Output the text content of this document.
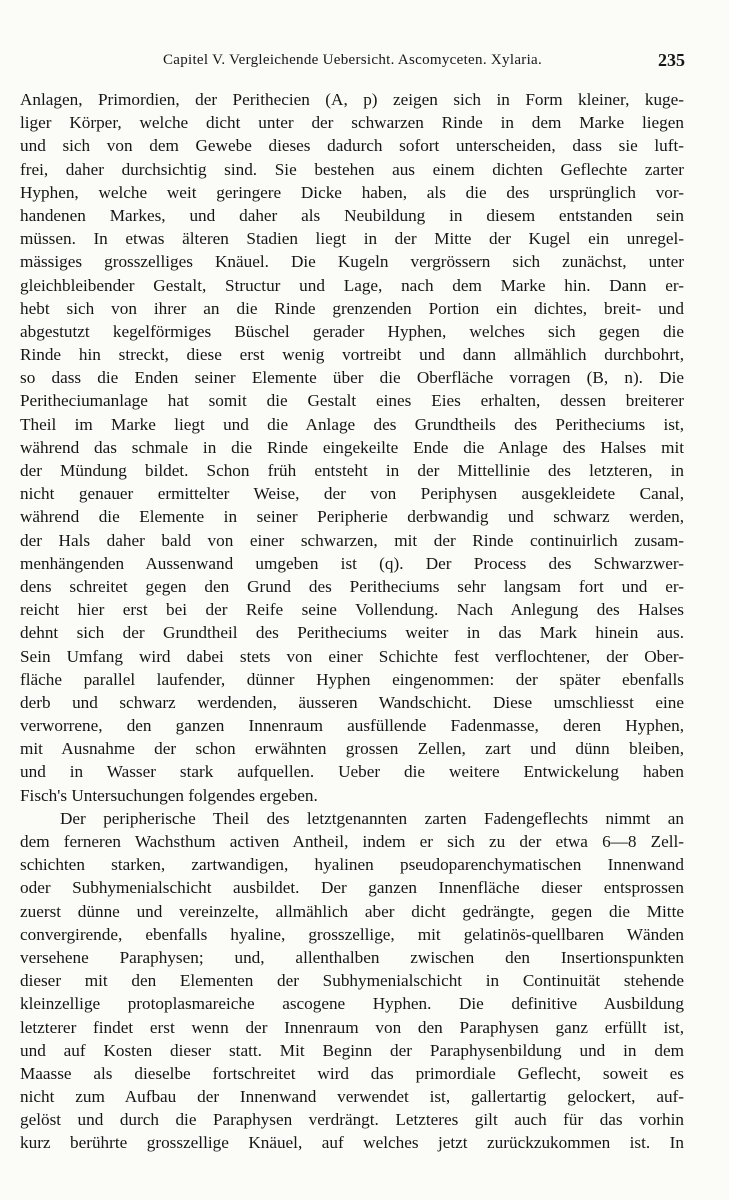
Capitel V. Vergleichende Uebersicht. Ascomyceten. Xylaria.	235
Anlagen, Primordien, der Perithecien (A, p) zeigen sich in Form kleiner, kuge-
liger Körper, welche dicht unter der schwarzen Rinde in dem Marke liegen
und sich von dem Gewebe dieses dadurch sofort unterscheiden, dass sie luft-
frei, daher durchsichtig sind. Sie bestehen aus einem dichten Geflechte zarter
Hyphen, welche weit geringere Dicke haben, als die des ursprünglich vor-
handenen Markes, und daher als Neubildung in diesem entstanden sein
müssen. In etwas älteren Stadien liegt in der Mitte der Kugel ein unregel-
mässiges grosszelliges Knäuel. Die Kugeln vergrössern sich zunächst, unter
gleichbleibender Gestalt, Structur und Lage, nach dem Marke hin. Dann er-
hebt sich von ihrer an die Rinde grenzenden Portion ein dichtes, breit- und
abgestutzt kegelförmiges Büschel gerader Hyphen, welches sich gegen die
Rinde hin streckt, diese erst wenig vortreibt und dann allmählich durchbohrt,
so dass die Enden seiner Elemente über die Oberfläche vorragen (B, n). Die
Peritheciumanlage hat somit die Gestalt eines Eies erhalten, dessen breiterer
Theil im Marke liegt und die Anlage des Grundtheils des Peritheciums ist,
während das schmale in die Rinde eingekeilte Ende die Anlage des Halses mit
der Mündung bildet. Schon früh entsteht in der Mittellinie des letzteren, in
nicht genauer ermittelter Weise, der von Periphysen ausgekleidete Canal,
während die Elemente in seiner Peripherie derbwandig und schwarz werden,
der Hals daher bald von einer schwarzen, mit der Rinde continuirlich zusam-
menhängenden Aussenwand umgeben ist (q). Der Process des Schwarzwer-
dens schreitet gegen den Grund des Peritheciums sehr langsam fort und er-
reicht hier erst bei der Reife seine Vollendung. Nach Anlegung des Halses
dehnt sich der Grundtheil des Peritheciums weiter in das Mark hinein aus.
Sein Umfang wird dabei stets von einer Schichte fest verflochtener, der Ober-
fläche parallel laufender, dünner Hyphen eingenommen: der später ebenfalls
derb und schwarz werdenden, äusseren Wandschicht. Diese umschliesst eine
verworrene, den ganzen Innenraum ausfüllende Fadenmasse, deren Hyphen,
mit Ausnahme der schon erwähnten grossen Zellen, zart und dünn bleiben,
und in Wasser stark aufquellen. Ueber die weitere Entwickelung haben
Fisch's Untersuchungen folgendes ergeben.
Der peripherische Theil des letztgenannten zarten Fadengeflechts nimmt an
dem ferneren Wachsthum activen Antheil, indem er sich zu der etwa 6—8 Zell-
schichten starken, zartwandigen, hyalinen pseudoparenchymatischen Innenwand
oder Subhymenialschicht ausbildet. Der ganzen Innenfläche dieser entsprossen
zuerst dünne und vereinzelte, allmählich aber dicht gedrängte, gegen die Mitte
convergirende, ebenfalls hyaline, grosszellige, mit gelatinös-quellbaren Wänden
versehene Paraphysen; und, allenthalben zwischen den Insertionspunkten
dieser mit den Elementen der Subhymenialschicht in Continuität stehende
kleinzellige protoplasmareiche ascogene Hyphen. Die definitive Ausbildung
letzterer findet erst wenn der Innenraum von den Paraphysen ganz erfüllt ist,
und auf Kosten dieser statt. Mit Beginn der Paraphysenbildung und in dem
Maasse als dieselbe fortschreitet wird das primordiale Geflecht, soweit es
nicht zum Aufbau der Innenwand verwendet ist, gallertartig gelockert, auf-
gelöst und durch die Paraphysen verdrängt. Letzteres gilt auch für das vorhin
kurz berührte grosszellige Knäuel, auf welches jetzt zurückzukommen ist. In
